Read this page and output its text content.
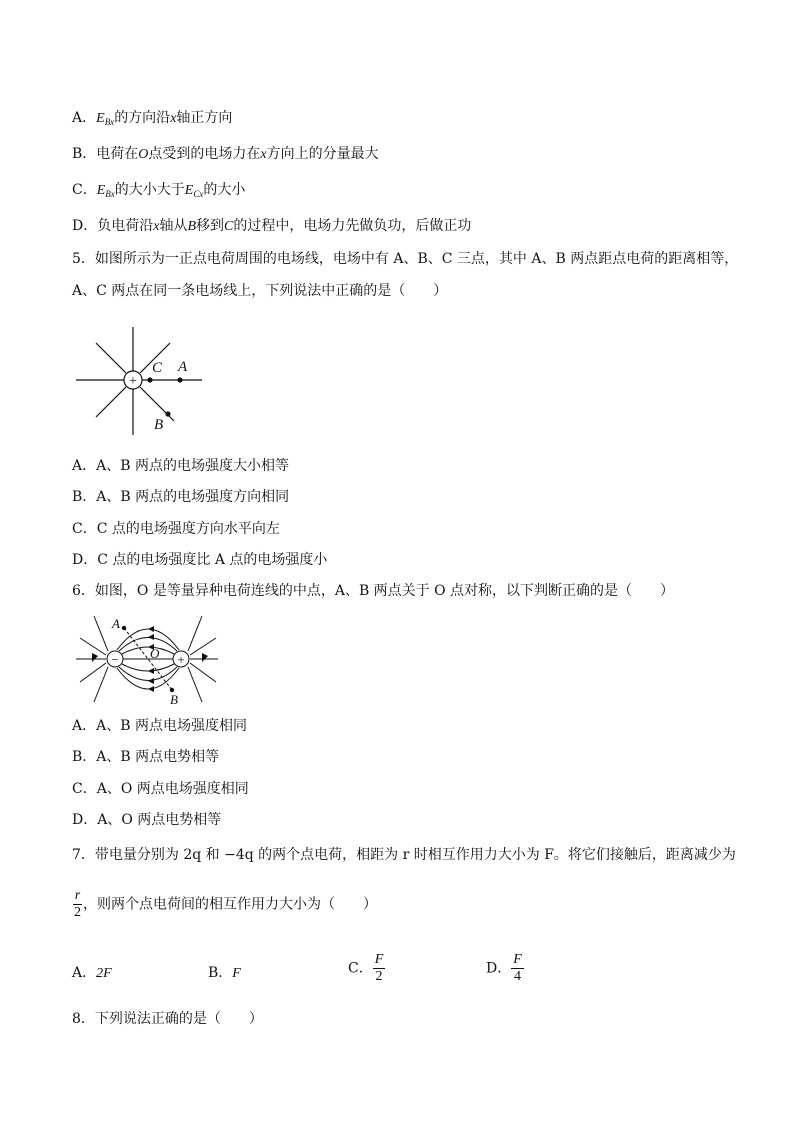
A．$E_{Bx}$的方向沿x轴正方向
B．电荷在O点受到的电场力在x方向上的分量最大
C．$E_{Bx}$的大小大于$E_{Cx}$的大小
D．负电荷沿x轴从B移到C的过程中，电场力先做负功，后做正功
5．如图所示为一正点电荷周围的电场线，电场中有 A、B、C 三点，其中 A、B 两点距点电荷的距离相等，
A、C 两点在同一条电场线上，下列说法中正确的是（　　）
+
C A
B
A．A、B 两点的电场强度大小相等
B．A、B 两点的电场强度方向相同
C．C 点的电场强度方向水平向左
D．C 点的电场强度比 A 点的电场强度小
6．如图，O 是等量异种电荷连线的中点，A、B 两点关于 O 点对称，以下判断正确的是（　　）
−	+
A
B
O
A．A、B 两点电场强度相同
B．A、B 两点电势相等
C．A、O 两点电场强度相同
D．A、O 两点电势相等
7．带电量分别为 2q 和 −4q 的两个点电荷，相距为 r 时相互作用力大小为 F。将它们接触后，距离减少为
$\frac{r}{2}$ ，则两个点电荷间的相互作用力大小为（　　）
A．2F	B．F	C． $\frac{F}{2}$	D． $\frac{F}{4}$
8．下列说法正确的是（　　）
